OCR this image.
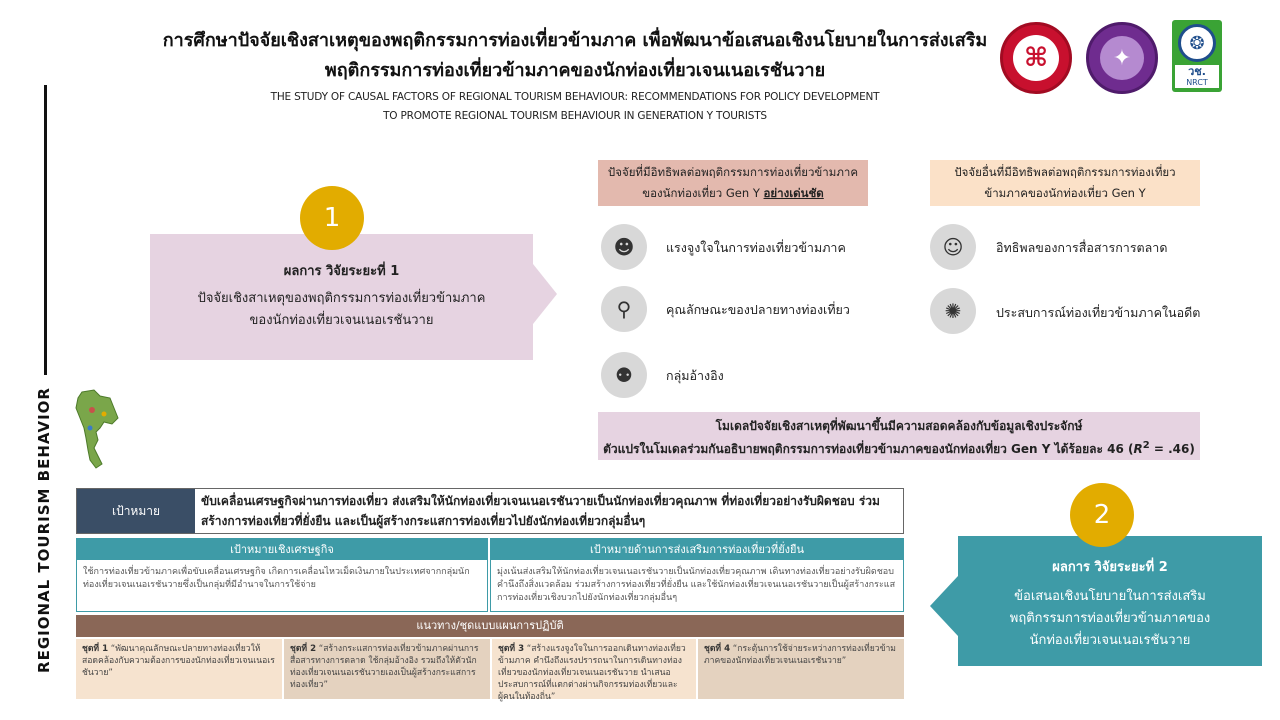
การศึกษาปัจจัยเชิงสาเหตุของพฤติกรรมการท่องเที่ยวข้ามภาค เพื่อพัฒนาข้อเสนอเชิงนโยบายในการส่งเสริม
พฤติกรรมการท่องเที่ยวข้ามภาคของนักท่องเที่ยวเจนเนอเรชันวาย
THE STUDY OF CAUSAL FACTORS OF REGIONAL TOURISM BEHAVIOUR: RECOMMENDATIONS FOR POLICY DEVELOPMENT
TO PROMOTE REGIONAL TOURISM BEHAVIOUR IN GENERATION Y TOURISTS
⌘	✦
❂
วช.
NRCT
REGIONAL TOURISM BEHAVIOR
ผลการ วิจัยระยะที่ 1
ปัจจัยเชิงสาเหตุของพฤติกรรมการท่องเที่ยวข้ามภาค
ของนักท่องเที่ยวเจนเนอเรชันวาย
1
ปัจจัยที่มีอิทธิพลต่อพฤติกรรมการท่องเที่ยวข้ามภาค
ของนักท่องเที่ยว Gen Y อย่างเด่นชัด
☻	แรงจูงใจในการท่องเที่ยวข้ามภาค
⚲	คุณลักษณะของปลายทางท่องเที่ยว
⚉	กลุ่มอ้างอิง
ปัจจัยอื่นที่มีอิทธิพลต่อพฤติกรรมการท่องเที่ยว
ข้ามภาคของนักท่องเที่ยว Gen Y
☺	อิทธิพลของการสื่อสารการตลาด
✺	ประสบการณ์ท่องเที่ยวข้ามภาคในอดีต
โมเดลปัจจัยเชิงสาเหตุที่พัฒนาขึ้นมีความสอดคล้องกับข้อมูลเชิงประจักษ์
ตัวแปรในโมเดลร่วมกันอธิบายพฤติกรรมการท่องเที่ยวข้ามภาคของนักท่องเที่ยว Gen Y ได้ร้อยละ 46 $(R^2 = .46)$
เป้าหมาย
ขับเคลื่อนเศรษฐกิจผ่านการท่องเที่ยว ส่งเสริมให้นักท่องเที่ยวเจนเนอเรชันวายเป็นนักท่องเที่ยวคุณภาพ ที่ท่องเที่ยวอย่างรับผิดชอบ ร่วมสร้างการท่องเที่ยวที่ยั่งยืน และเป็นผู้สร้างกระแสการท่องเที่ยวไปยังนักท่องเที่ยวกลุ่มอื่นๆ
เป้าหมายเชิงเศรษฐกิจ
ใช้การท่องเที่ยวข้ามภาคเพื่อขับเคลื่อนเศรษฐกิจ เกิดการเคลื่อนไหวเม็ดเงินภายในประเทศจากกลุ่มนักท่องเที่ยวเจนเนอเรชันวายซึ่งเป็นกลุ่มที่มีอำนาจในการใช้จ่าย
เป้าหมายด้านการส่งเสริมการท่องเที่ยวที่ยั่งยืน
มุ่งเน้นส่งเสริมให้นักท่องเที่ยวเจนเนอเรชันวายเป็นนักท่องเที่ยวคุณภาพ เดินทางท่องเที่ยวอย่างรับผิดชอบ คำนึงถึงสิ่งแวดล้อม ร่วมสร้างการท่องเที่ยวที่ยั่งยืน และใช้นักท่องเที่ยวเจนเนอเรชันวายเป็นผู้สร้างกระแสการท่องเที่ยวเชิงบวกไปยังนักท่องเที่ยวกลุ่มอื่นๆ
แนวทาง/ชุดแบบแผนการปฏิบัติ
ชุดที่ 1 “พัฒนาคุณลักษณะปลายทางท่องเที่ยวให้สอดคล้องกับความต้องการของนักท่องเที่ยวเจนเนอเรชันวาย”
ชุดที่ 2 “สร้างกระแสการท่องเที่ยวข้ามภาคผ่านการสื่อสารทางการตลาด ใช้กลุ่มอ้างอิง รวมถึงให้ตัวนักท่องเที่ยวเจนเนอเรชันวายเองเป็นผู้สร้างกระแสการท่องเที่ยว”
ชุดที่ 3 “สร้างแรงจูงใจในการออกเดินทางท่องเที่ยวข้ามภาค คำนึงถึงแรงปรารถนาในการเดินทางท่องเที่ยวของนักท่องเที่ยวเจนเนอเรชันวาย นำเสนอประสบการณ์ที่แตกต่างผ่านกิจกรรมท่องเที่ยวและผู้คนในท้องถิ่น”
ชุดที่ 4 “กระตุ้นการใช้จ่ายระหว่างการท่องเที่ยวข้ามภาคของนักท่องเที่ยวเจนเนอเรชันวาย”
ผลการ วิจัยระยะที่ 2
ข้อเสนอเชิงนโยบายในการส่งเสริม
พฤติกรรมการท่องเที่ยวข้ามภาคของ
นักท่องเที่ยวเจนเนอเรชันวาย
2
